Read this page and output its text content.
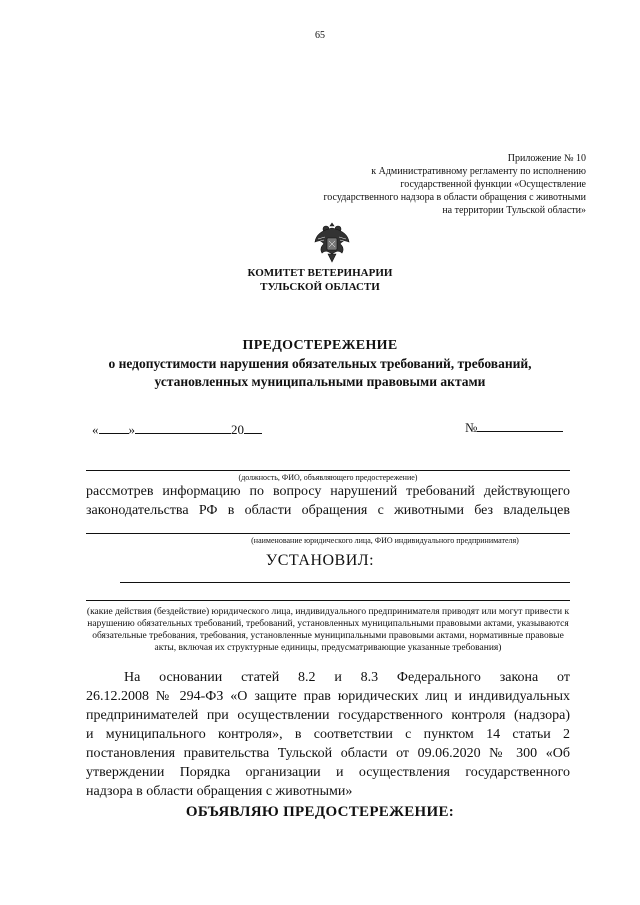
65
Приложение № 10
к Административному регламенту по исполнению
государственной функции «Осуществление
государственного надзора в области обращения с животными
на территории Тульской области»
КОМИТЕТ ВЕТЕРИНАРИИ
ТУЛЬСКОЙ ОБЛАСТИ
ПРЕДОСТЕРЕЖЕНИЕ
о недопустимости нарушения обязательных требований, требований,
установленных муниципальными правовыми актами
« »	20	№
(должность, ФИО, объявляющего предостережение)
рассмотрев информацию по вопросу нарушений требований действующего
законодательства РФ в области обращения с животными без владельцев
(наименование юридического лица, ФИО индивидуального предпринимателя)
УСТАНОВИЛ:
(какие действия (бездействие) юридического лица, индивидуального предпринимателя приводят или могут привести к нарушению обязательных требований, требований, установленных муниципальными правовыми актами, указываются обязательные требования, требования, установленные муниципальными правовыми актами, нормативные правовые акты, включая их структурные единицы, предусматривающие указанные требования)
На основании статей 8.2 и 8.3 Федерального закона от
26.12.2008 № 294-ФЗ «О защите прав юридических лиц и индивидуальных
предпринимателей при осуществлении государственного контроля (надзора)
и муниципального контроля», в соответствии с пунктом 14 статьи 2
постановления правительства Тульской области от 09.06.2020 № 300 «Об
утверждении Порядка организации и осуществления государственного
надзора в области обращения с животными»
ОБЪЯВЛЯЮ ПРЕДОСТЕРЕЖЕНИЕ:
